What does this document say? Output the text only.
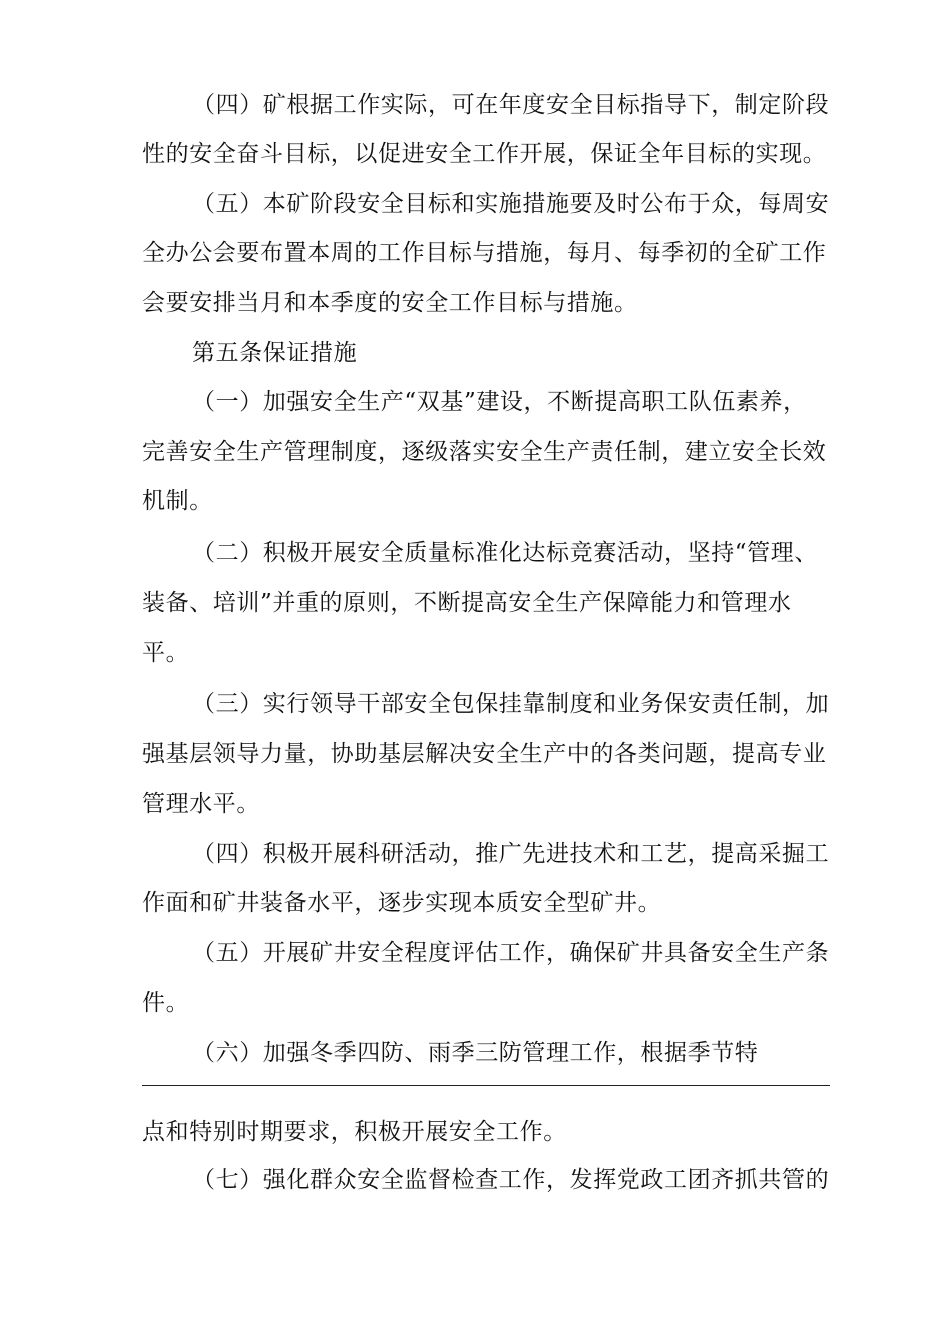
（四）矿根据工作实际，可在年度安全目标指导下，制定阶段
性的安全奋斗目标，以促进安全工作开展，保证全年目标的实现。
（五）本矿阶段安全目标和实施措施要及时公布于众，每周安
全办公会要布置本周的工作目标与措施，每月、每季初的全矿工作
会要安排当月和本季度的安全工作目标与措施。
第五条保证措施
（一）加强安全生产“双基”建设，不断提高职工队伍素养，
完善安全生产管理制度，逐级落实安全生产责任制，建立安全长效
机制。
（二）积极开展安全质量标准化达标竞赛活动，坚持“管理、
装备、培训”并重的原则，不断提高安全生产保障能力和管理水
平。
（三）实行领导干部安全包保挂靠制度和业务保安责任制，加
强基层领导力量，协助基层解决安全生产中的各类问题，提高专业
管理水平。
（四）积极开展科研活动，推广先进技术和工艺，提高采掘工
作面和矿井装备水平，逐步实现本质安全型矿井。
（五）开展矿井安全程度评估工作，确保矿井具备安全生产条
件。
（六）加强冬季四防、雨季三防管理工作，根据季节特
点和特别时期要求，积极开展安全工作。
（七）强化群众安全监督检查工作，发挥党政工团齐抓共管的
